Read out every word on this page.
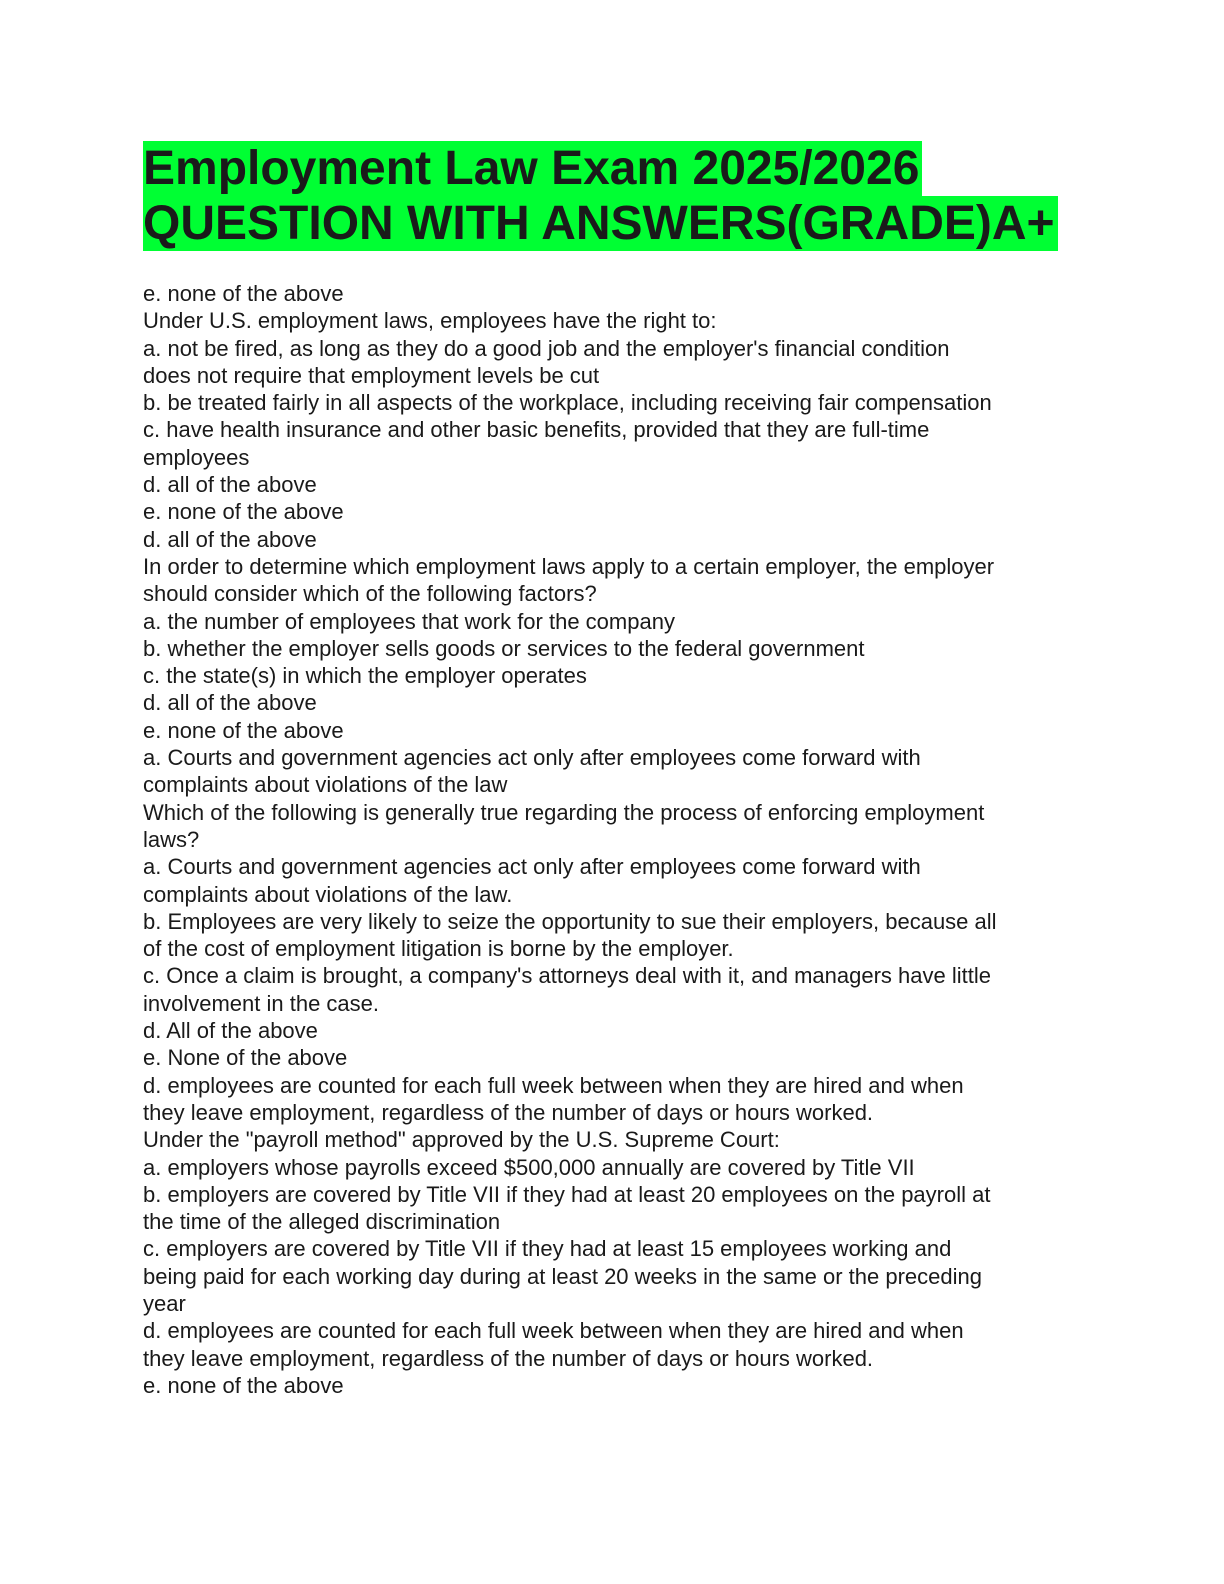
Employment Law Exam 2025/2026
QUESTION WITH ANSWERS(GRADE)A+
e. none of the above
Under U.S. employment laws, employees have the right to:
a. not be fired, as long as they do a good job and the employer's financial condition
does not require that employment levels be cut
b. be treated fairly in all aspects of the workplace, including receiving fair compensation
c. have health insurance and other basic benefits, provided that they are full-time
employees
d. all of the above
e. none of the above
d. all of the above
In order to determine which employment laws apply to a certain employer, the employer
should consider which of the following factors?
a. the number of employees that work for the company
b. whether the employer sells goods or services to the federal government
c. the state(s) in which the employer operates
d. all of the above
e. none of the above
a. Courts and government agencies act only after employees come forward with
complaints about violations of the law
Which of the following is generally true regarding the process of enforcing employment
laws?
a. Courts and government agencies act only after employees come forward with
complaints about violations of the law.
b. Employees are very likely to seize the opportunity to sue their employers, because all
of the cost of employment litigation is borne by the employer.
c. Once a claim is brought, a company's attorneys deal with it, and managers have little
involvement in the case.
d. All of the above
e. None of the above
d. employees are counted for each full week between when they are hired and when
they leave employment, regardless of the number of days or hours worked.
Under the "payroll method" approved by the U.S. Supreme Court:
a. employers whose payrolls exceed $500,000 annually are covered by Title VII
b. employers are covered by Title VII if they had at least 20 employees on the payroll at
the time of the alleged discrimination
c. employers are covered by Title VII if they had at least 15 employees working and
being paid for each working day during at least 20 weeks in the same or the preceding
year
d. employees are counted for each full week between when they are hired and when
they leave employment, regardless of the number of days or hours worked.
e. none of the above
